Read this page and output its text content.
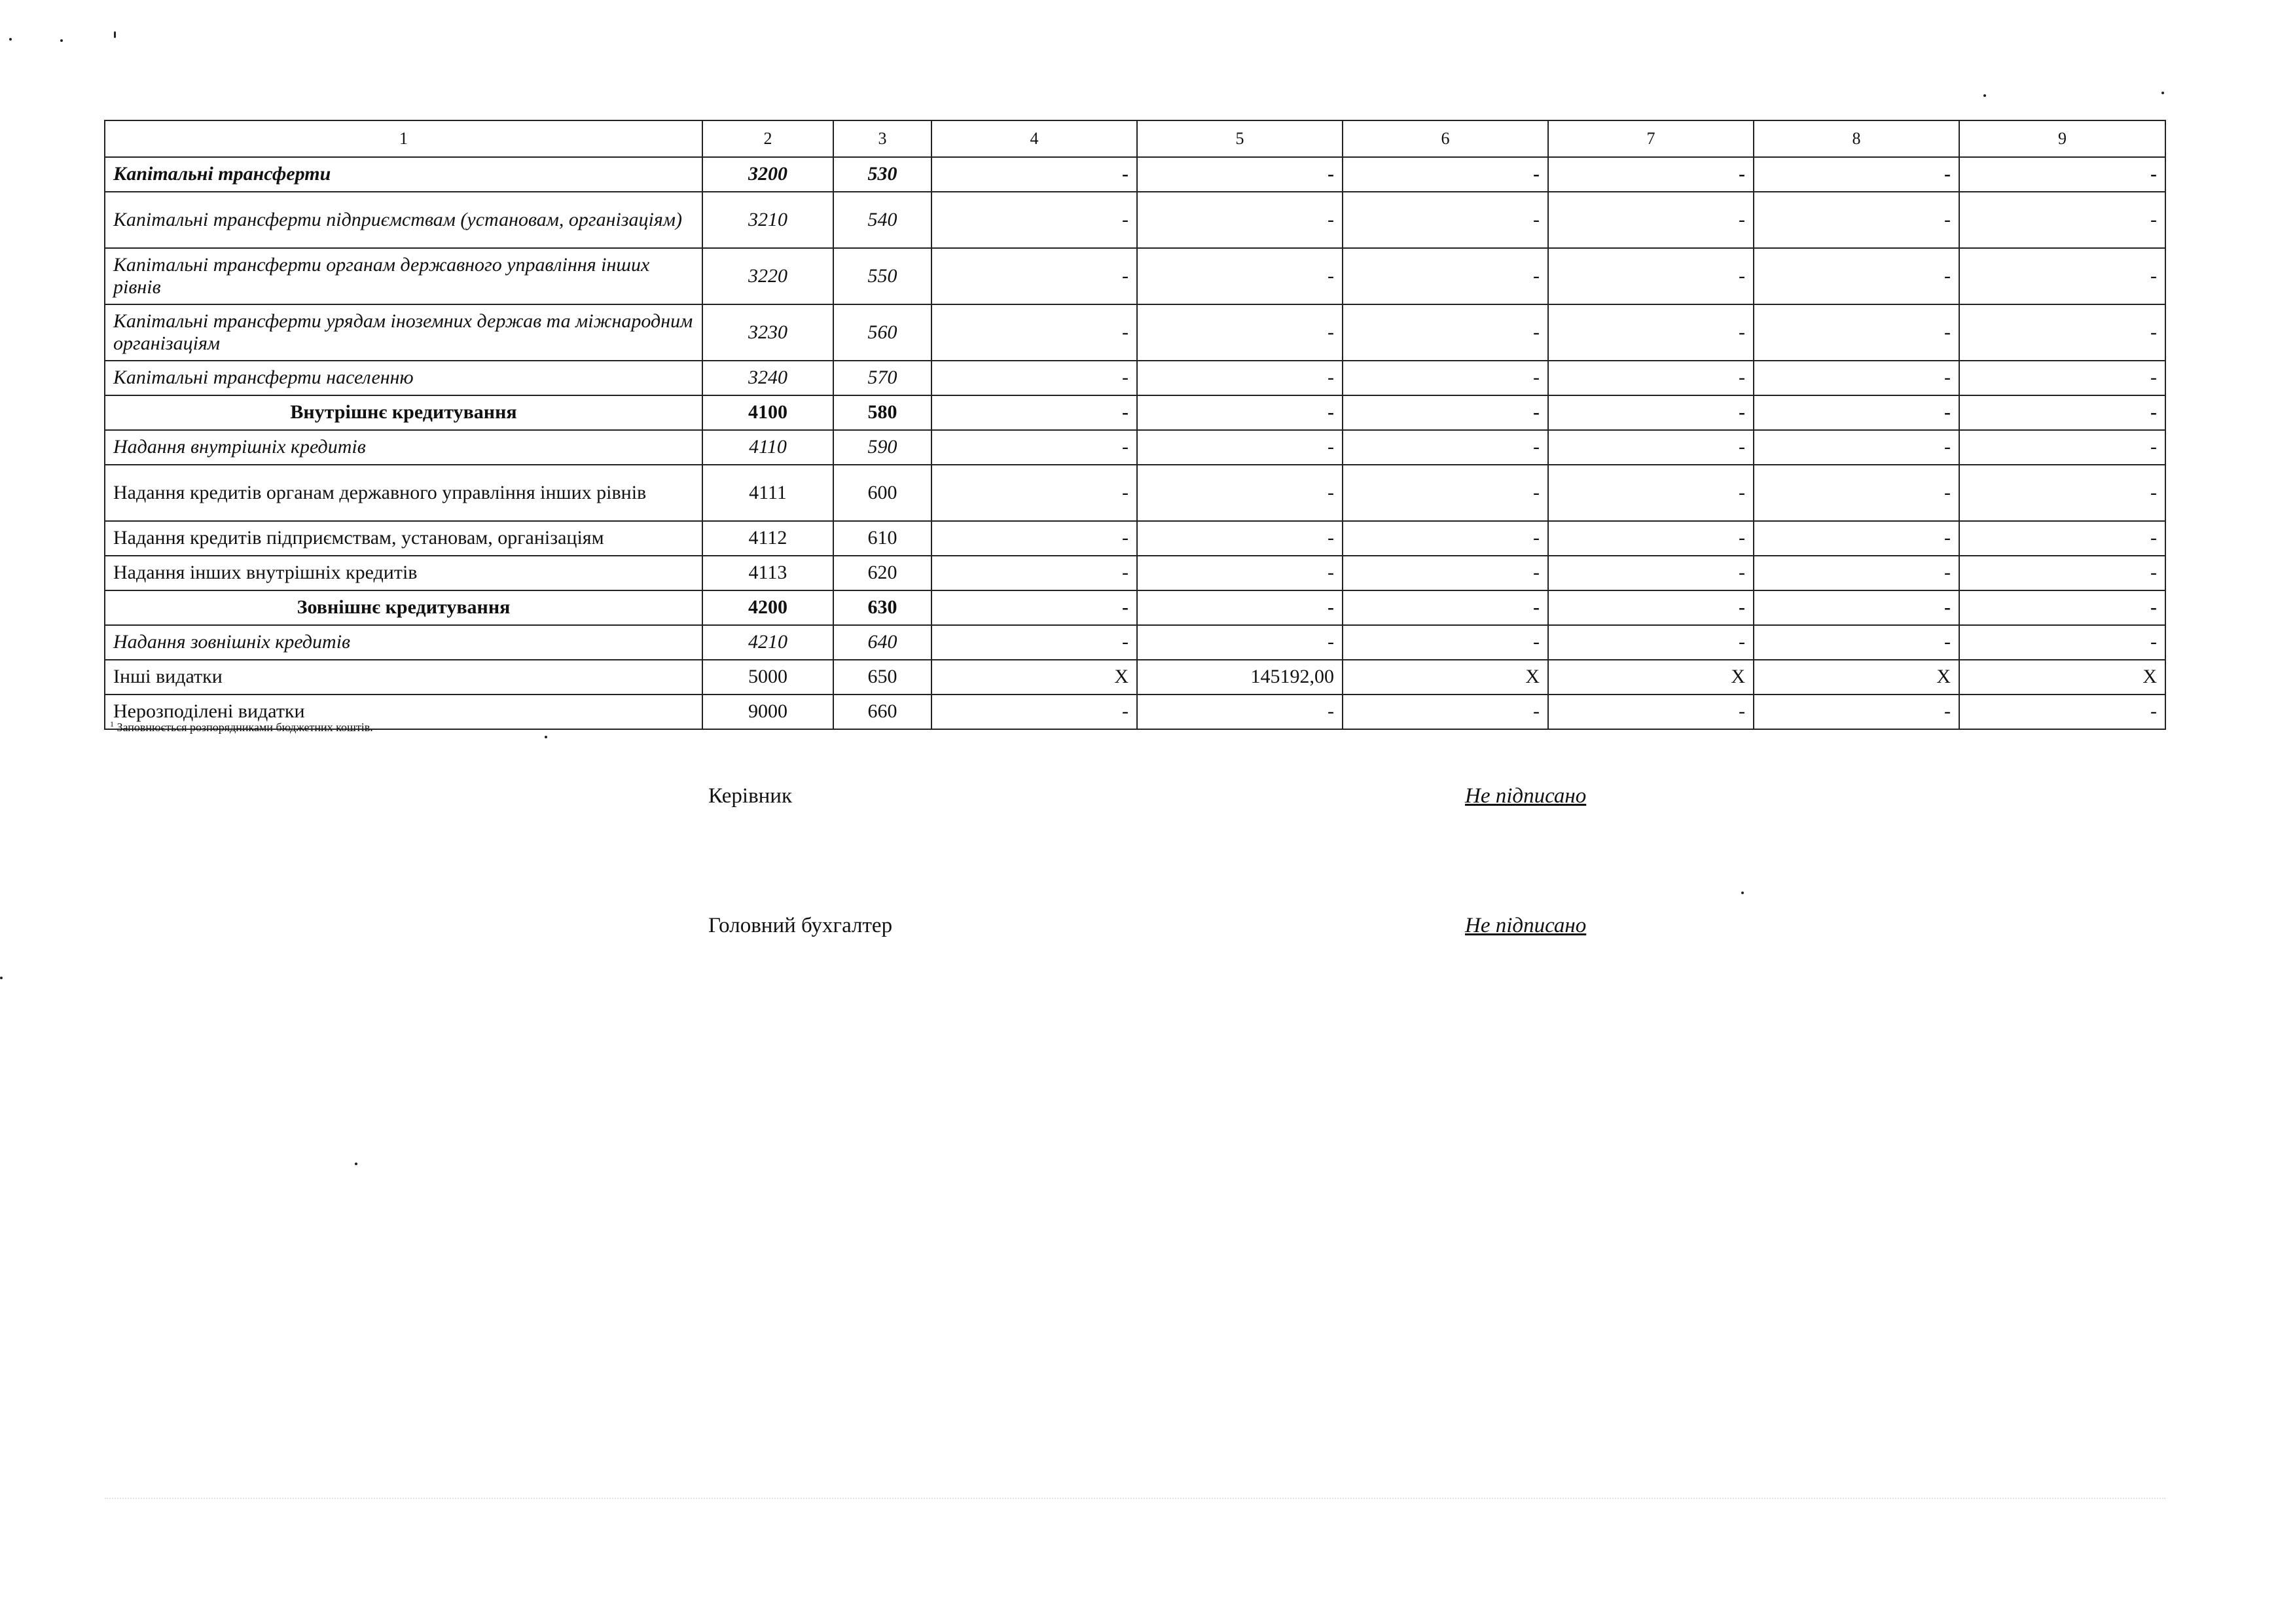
1	2	3	4	5	6	7	8	9
Капітальні трансферти	3200	530	-	-	-	-	-	-
Капітальні трансферти підприємствам (установам, організаціям)	3210	540	-	-	-	-	-	-
Капітальні трансферти органам державного управління інших рівнів	3220	550	-	-	-	-	-	-
Капітальні трансферти урядам іноземних держав та міжнародним організаціям	3230	560	-	-	-	-	-	-
Капітальні трансферти населенню	3240	570	-	-	-	-	-	-
Внутрішнє кредитування	4100	580	-	-	-	-	-	-
Надання внутрішніх кредитів	4110	590	-	-	-	-	-	-
Надання кредитів органам державного управління інших рівнів	4111	600	-	-	-	-	-	-
Надання кредитів підприємствам, установам, організаціям	4112	610	-	-	-	-	-	-
Надання інших внутрішніх кредитів	4113	620	-	-	-	-	-	-
Зовнішнє кредитування	4200	630	-	-	-	-	-	-
Надання зовнішніх кредитів	4210	640	-	-	-	-	-	-
Інші видатки	5000	650	X	145192,00	X	X	X	X
Нерозподілені видатки	9000	660	-	-	-	-	-	-
$^1$ Заповнюється розпорядниками бюджетних коштів.
Керівник	Не підписано
Головний бухгалтер	Не підписано
